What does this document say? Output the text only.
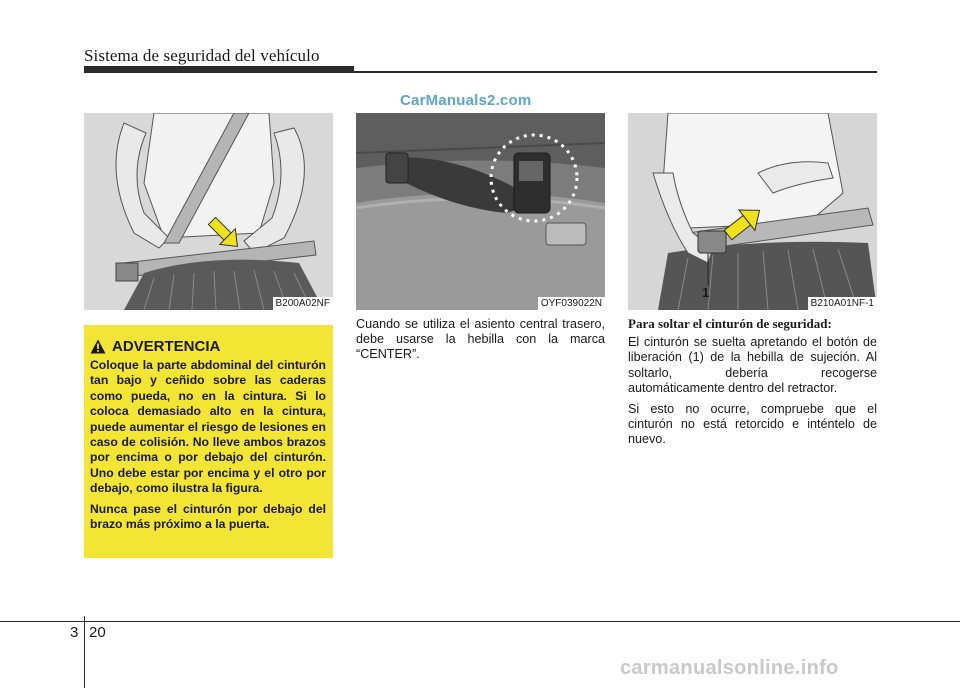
Sistema de seguridad del vehículo
CarManuals2.com
B200A02NF	OYF039022N
1
B210A01NF-1
ADVERTENCIA

Coloque la parte abdominal del cinturón tan bajo y ceñido sobre las caderas como pueda, no en la cintura. Si lo coloca demasiado alto en la cintura, puede aumentar el riesgo de lesiones en caso de colisión. No lleve ambos brazos por encima o por debajo del cinturón. Uno debe estar por encima y el otro por debajo, como ilustra la figura.

Nunca pase el cinturón por debajo del brazo más próximo a la puerta.

Cuando se utiliza el asiento central trasero, debe usarse la hebilla con la marca “CENTER”.

Para soltar el cinturón de seguridad:

El cinturón se suelta apretando el botón de liberación (1) de la hebilla de sujeción. Al soltarlo, debería recogerse automáticamente dentro del retractor.

Si esto no ocurre, compruebe que el cinturón no está retorcido e inténtelo de nuevo.

3 20
carmanualsonline.info
